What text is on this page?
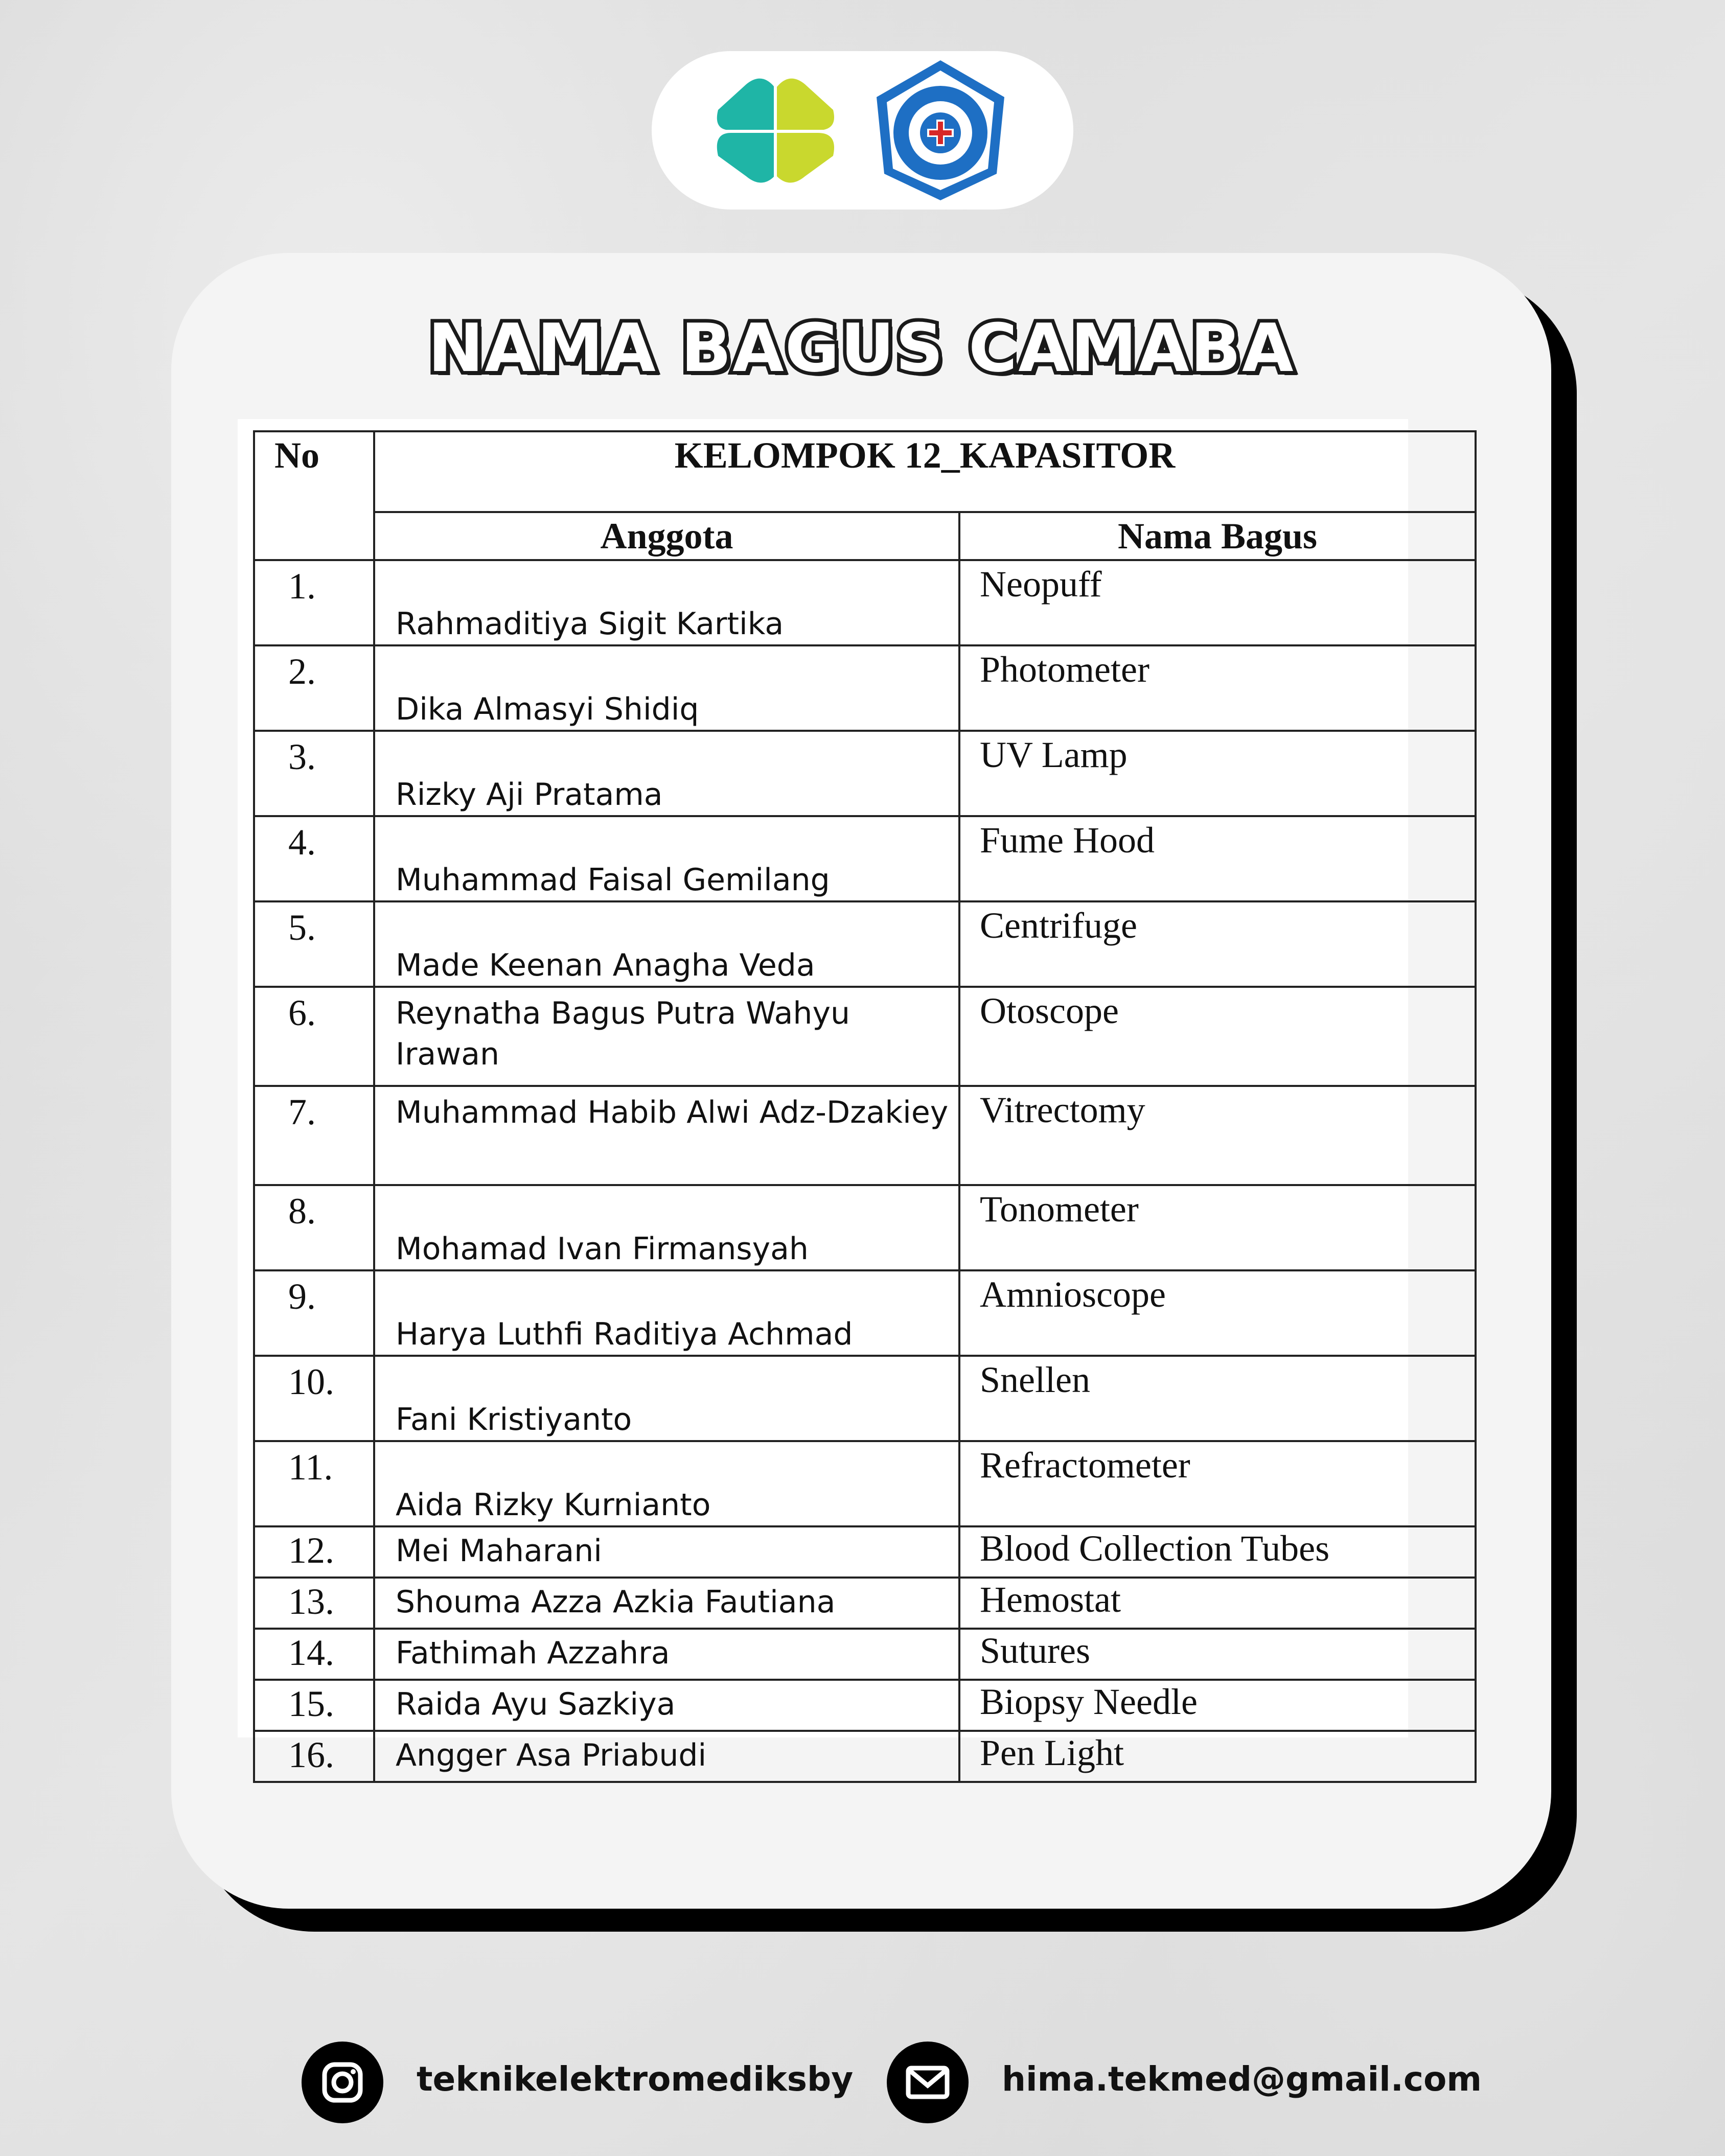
NAMA BAGUS CAMABA
No	KELOMPOK 12_KAPASITOR	
	Anggota	Nama Bagus
1.	Rahmaditiya Sigit Kartika	Neopuff
2.	Dika Almasyi Shidiq	Photometer
3.	Rizky Aji Pratama	UV Lamp
4.	Muhammad Faisal Gemilang	Fume Hood
5.	Made Keenan Anagha Veda	Centrifuge
6.	Reynatha Bagus Putra Wahyu Irawan	Otoscope
7.	Muhammad Habib Alwi Adz-Dzakiey	Vitrectomy
8.	Mohamad Ivan Firmansyah	Tonometer
9.	Harya Luthfi Raditiya Achmad	Amnioscope
10.	Fani Kristiyanto	Snellen
11.	Aida Rizky Kurnianto	Refractometer
12.	Mei Maharani	Blood Collection Tubes
13.	Shouma Azza Azkia Fautiana	Hemostat
14.	Fathimah Azzahra	Sutures
15.	Raida Ayu Sazkiya	Biopsy Needle
16.	Angger Asa Priabudi	Pen Light
teknikelektromediksby	hima.tekmed@gmail.com
